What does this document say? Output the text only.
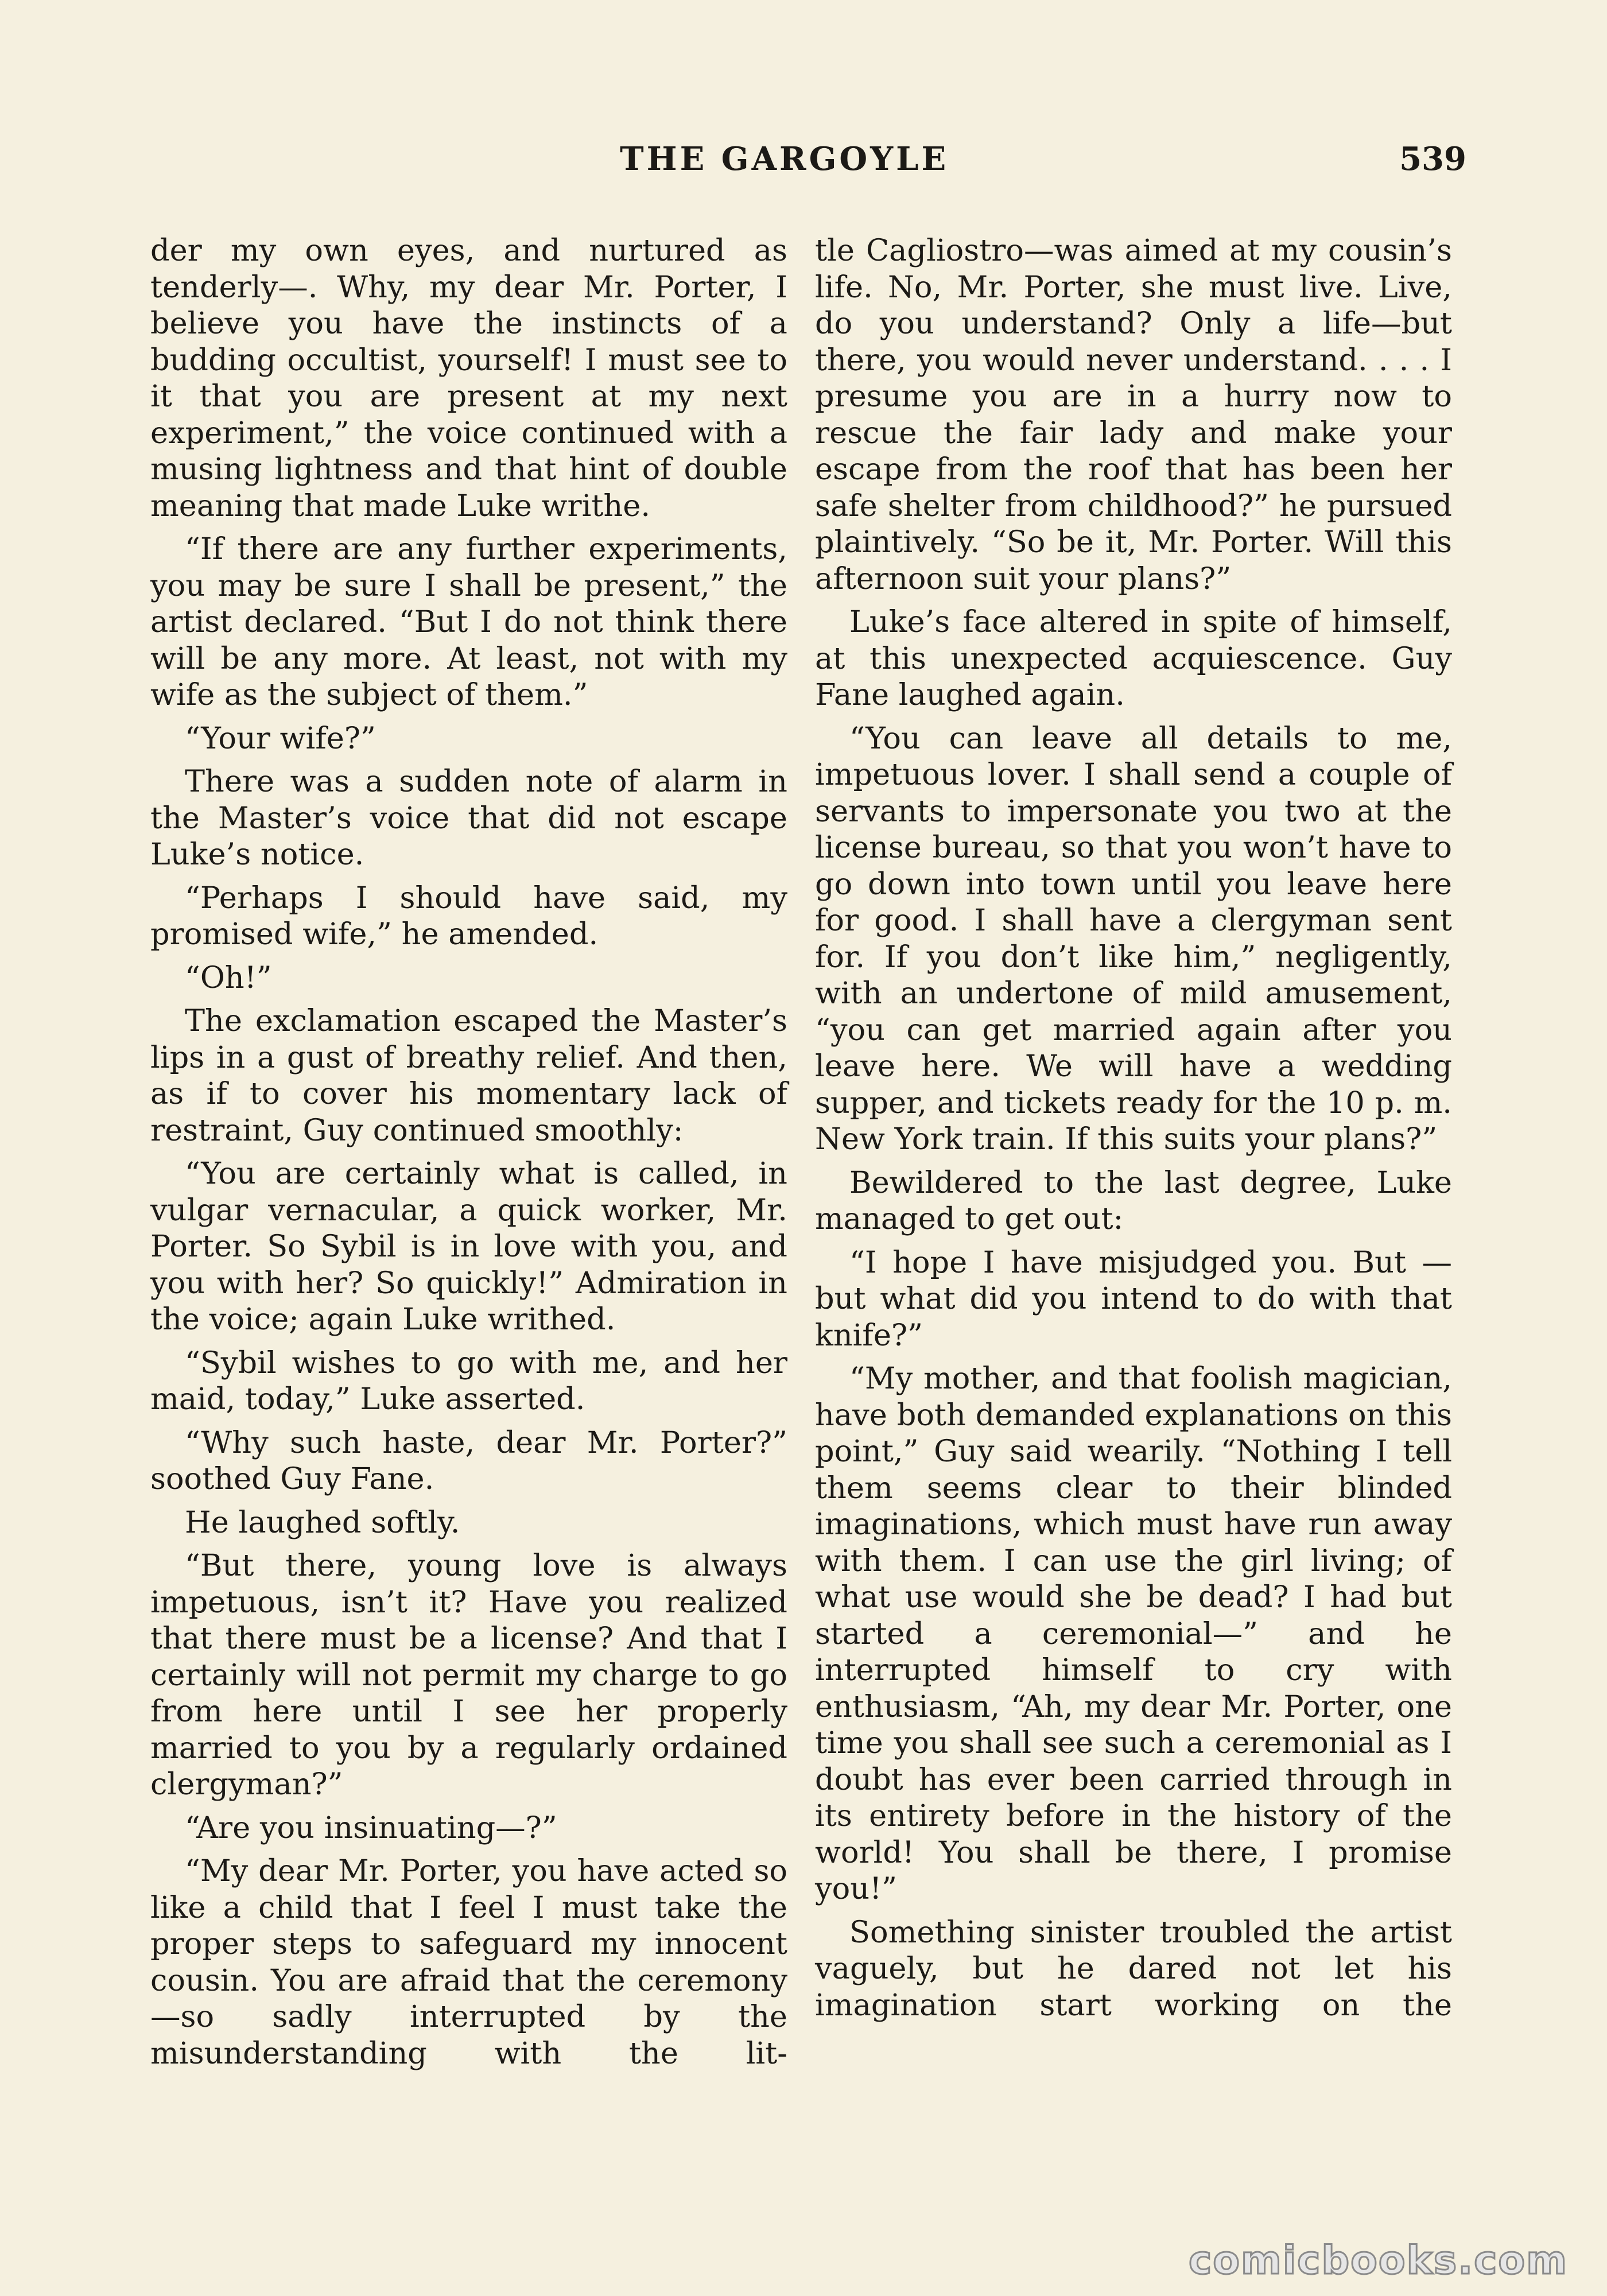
THE GARGOYLE	539

der my own eyes, and nurtured as tenderly—. Why, my dear Mr. Porter, I believe you have the instincts of a budding occultist, yourself! I must see to it that you are present at my next experiment,” the voice continued with a musing lightness and that hint of double meaning that made Luke writhe.

“If there are any further experiments, you may be sure I shall be present,” the artist declared. “But I do not think there will be any more. At least, not with my wife as the subject of them.”

“Your wife?”

There was a sudden note of alarm in the Master’s voice that did not escape Luke’s notice.

“Perhaps I should have said, my promised wife,” he amended.

“Oh!”

The exclamation escaped the Master’s lips in a gust of breathy relief. And then, as if to cover his momentary lack of restraint, Guy continued smoothly:

“You are certainly what is called, in vulgar vernacular, a quick worker, Mr. Porter. So Sybil is in love with you, and you with her? So quickly!” Admiration in the voice; again Luke writhed.

“Sybil wishes to go with me, and her maid, today,” Luke asserted.

“Why such haste, dear Mr. Porter?” soothed Guy Fane.

He laughed softly.

“But there, young love is always impetuous, isn’t it? Have you realized that there must be a license? And that I certainly will not permit my charge to go from here until I see her properly married to you by a regularly ordained clergyman?”

“Are you insinuating—?”

“My dear Mr. Porter, you have acted so like a child that I feel I must take the proper steps to safeguard my innocent cousin. You are afraid that the ceremony—so sadly interrupted by the misunderstanding with the lit-

tle Cagliostro—was aimed at my cousin’s life. No, Mr. Porter, she must live. Live, do you understand? Only a life—but there, you would never understand. . . . I presume you are in a hurry now to rescue the fair lady and make your escape from the roof that has been her safe shelter from childhood?” he pursued plaintively. “So be it, Mr. Porter. Will this afternoon suit your plans?”

Luke’s face altered in spite of himself, at this unexpected acquiescence. Guy Fane laughed again.

“You can leave all details to me, impetuous lover. I shall send a couple of servants to impersonate you two at the license bureau, so that you won’t have to go down into town until you leave here for good. I shall have a clergyman sent for. If you don’t like him,” negligently, with an undertone of mild amusement, “you can get married again after you leave here. We will have a wedding supper, and tickets ready for the 10 p. m. New York train. If this suits your plans?”

Bewildered to the last degree, Luke managed to get out:

“I hope I have misjudged you. But —but what did you intend to do with that knife?”

“My mother, and that foolish magician, have both demanded explanations on this point,” Guy said wearily. “Nothing I tell them seems clear to their blinded imaginations, which must have run away with them. I can use the girl living; of what use would she be dead? I had but started a ceremonial—” and he interrupted himself to cry with enthusiasm, “Ah, my dear Mr. Porter, one time you shall see such a ceremonial as I doubt has ever been carried through in its entirety before in the history of the world! You shall be there, I promise you!”

Something sinister troubled the artist vaguely, but he dared not let his imagination start working on the

comicbooks.com
